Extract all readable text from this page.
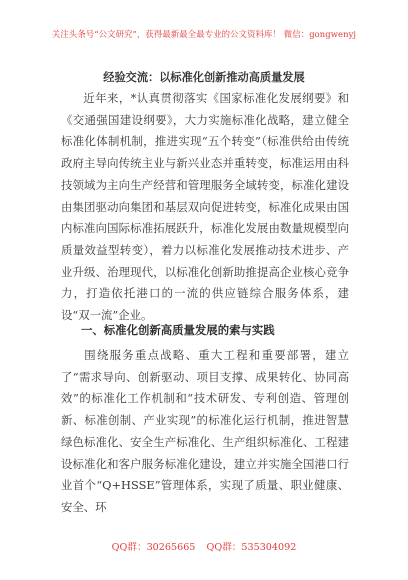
关注头条号“公文研究”，获得最新最全最专业的公文资料库！ 微信：gongwenyj
经验交流：以标准化创新推动高质量发展

近年来，*认真贯彻落实《国家标准化发展纲要》和《交通强国建设纲要》，大力实施标准化战略，建立健全标准化体制机制，推进实现“五个转变”（标准供给由传统政府主导向传统主业与新兴业态并重转变，标准运用由科技领域为主向生产经营和管理服务全域转变，标准化建设由集团驱动向集团和基层双向促进转变，标准化成果由国内标准向国际标准拓展跃升，标准化发展由数量规模型向质量效益型转变），着力以标准化发展推动技术进步、产业升级、治理现代，以标准化创新助推提高企业核心竞争力，打造依托港口的一流的供应链综合服务体系，建设“双一流”企业。

一、标准化创新高质量发展的索与实践

围绕服务重点战略、重大工程和重要部署，建立了“需求导向、创新驱动、项目支撑、成果转化、协同高效”的标准化工作机制和“技术研发、专利创造、管理创新、标准创制、产业实现”的标准化运行机制，推进智慧绿色标准化、安全生产标准化、生产组织标准化、工程建设标准化和客户服务标准化建设，建立并实施全国港口行业首个“Q+HSSE”管理体系，实现了质量、职业健康、安全、环

QQ群：30265665 QQ群：535304092
